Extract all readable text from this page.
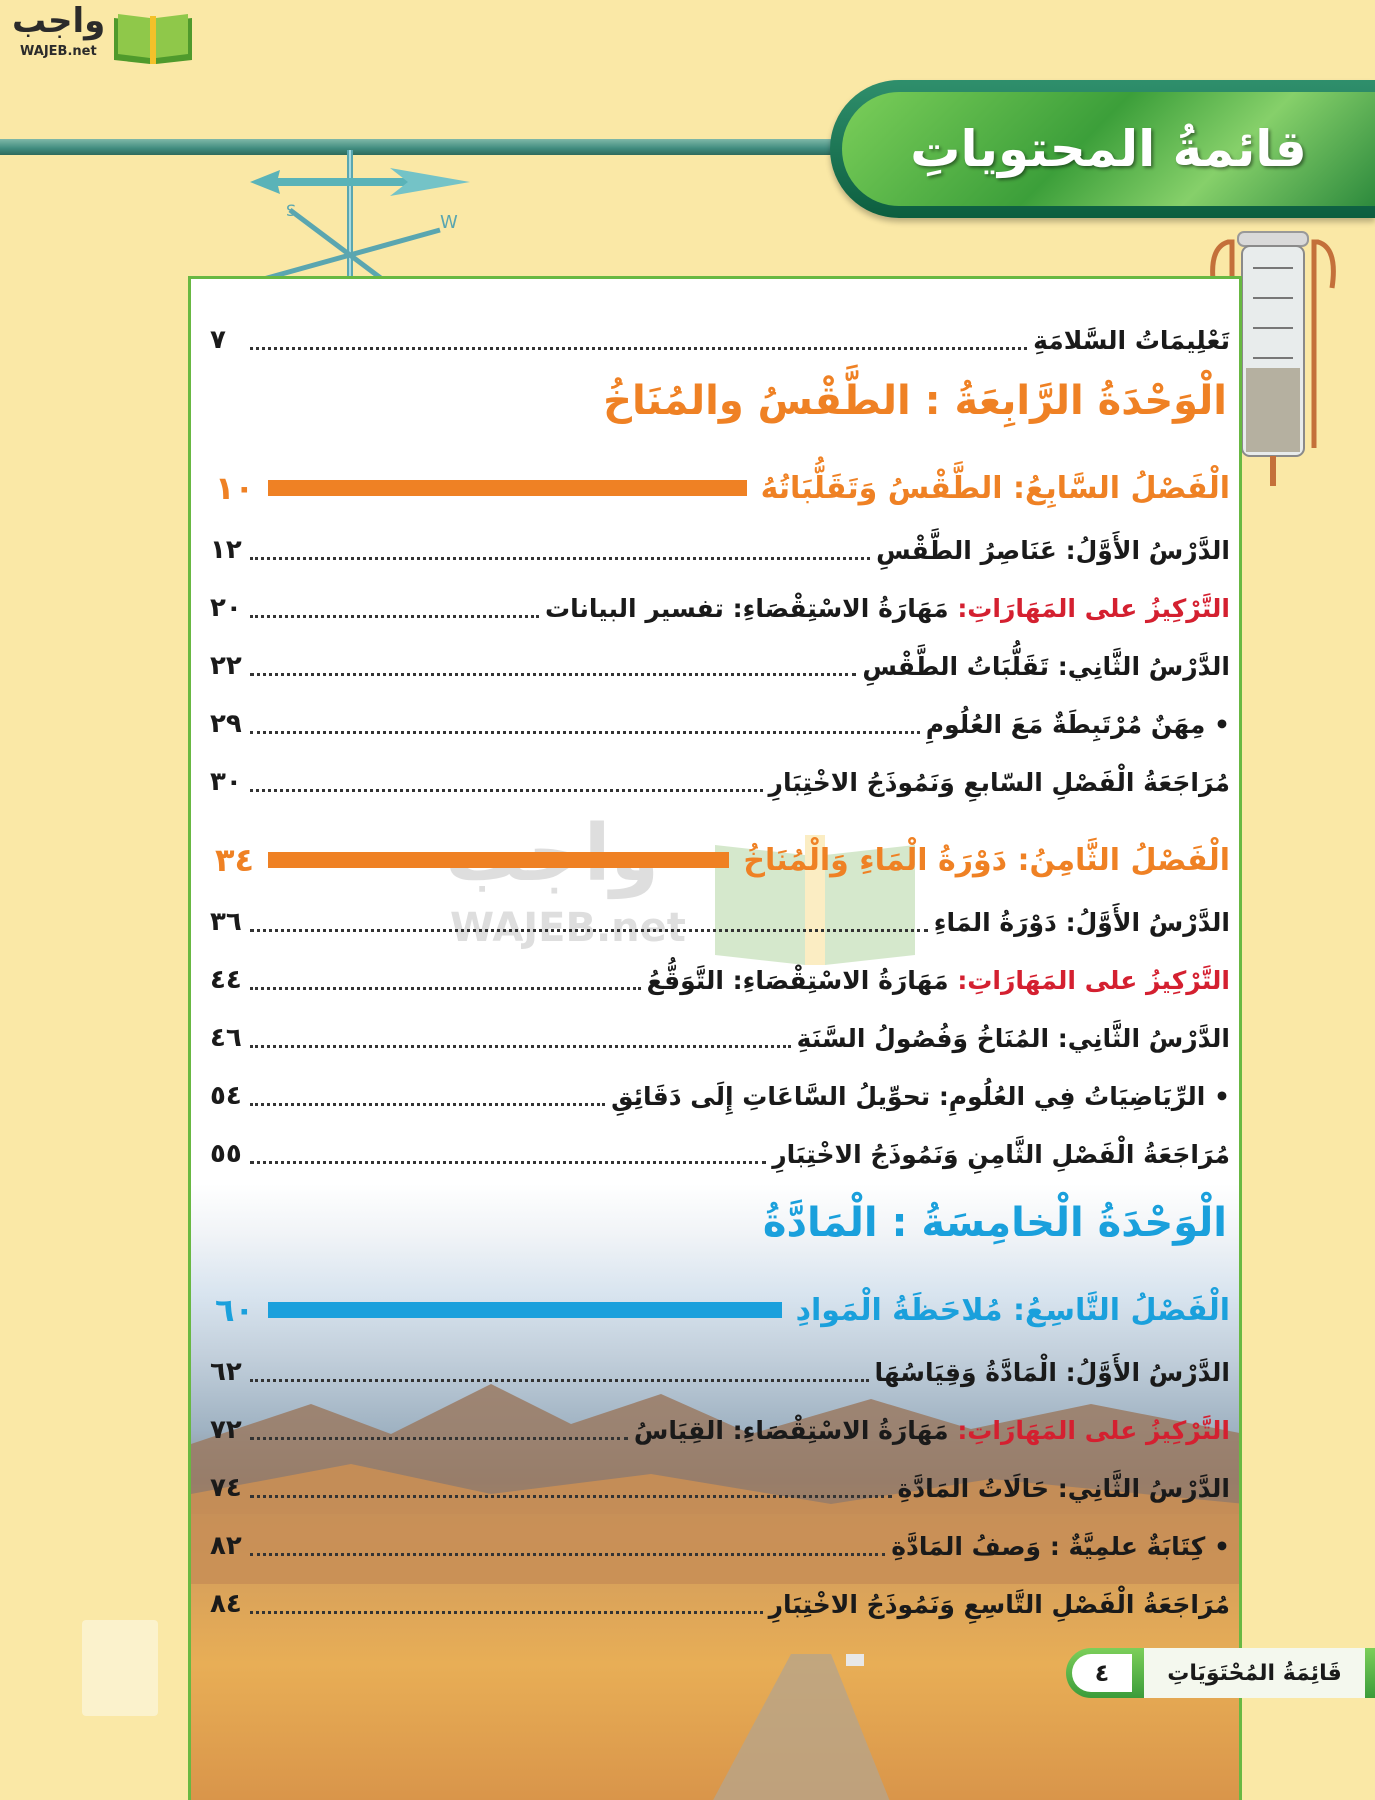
واجب
WAJEB.net
قائمةُ المحتوياتِ
W
S
WAJEB.net
تَعْلِيمَاتُ السَّلامَةِ
٧
الْوَحْدَةُ الرَّابِعَةُ : الطَّقْسُ والمُنَاخُ
الْفَصْلُ السَّابِعُ: الطَّقْسُ وَتَقَلُّبَاتُهُ
١٠
الدَّرْسُ الأَوَّلُ: عَنَاصِرُ الطَّقْسِ
١٢
التَّرْكِيزُ على المَهَارَاتِ: مَهَارَةُ الاسْتِقْصَاءِ: تفسير البيانات
٢٠
الدَّرْسُ الثَّانِي: تَقَلُّبَاتُ الطَّقْسِ
٢٢
• مِهَنٌ مُرْتَبِطَةٌ مَعَ العُلُومِ
٢٩
مُرَاجَعَةُ الْفَصْلِ السّابعِ وَنَمُوذَجُ الاخْتِبَارِ
٣٠
الْفَصْلُ الثَّامِنُ: دَوْرَةُ الْمَاءِ وَالْمُنَاخُ
٣٤
الدَّرْسُ الأَوَّلُ: دَوْرَةُ المَاءِ
٣٦
التَّرْكِيزُ على المَهَارَاتِ: مَهَارَةُ الاسْتِقْصَاءِ: التَّوَقُّعُ
٤٤
الدَّرْسُ الثَّانِي: المُنَاخُ وَفُصُولُ السَّنَةِ
٤٦
• الرِّيَاضِيَاتُ فِي العُلُومِ: تحوِّيلُ السَّاعَاتِ إِلَى دَقَائِقِ
٥٤
مُرَاجَعَةُ الْفَصْلِ الثَّامِنِ وَنَمُوذَجُ الاخْتِبَارِ
٥٥
الْوَحْدَةُ الْخامِسَةُ : الْمَادَّةُ
الْفَصْلُ التَّاسِعُ: مُلاحَظَةُ الْمَوادِ
٦٠
الدَّرْسُ الأَوَّلُ: الْمَادَّةُ وَقِيَاسُهَا
٦٢
التَّرْكِيزُ على المَهَارَاتِ: مَهَارَةُ الاسْتِقْصَاءِ: القِيَاسُ
٧٢
الدَّرْسُ الثَّانِي: حَالَاتُ المَادَّةِ
٧٤
• كِتَابَةٌ علمِيَّةٌ : وَصفُ المَادَّةِ
٨٢
مُرَاجَعَةُ الْفَصْلِ التَّاسِعِ وَنَمُوذَجُ الاخْتِبَارِ
٨٤
٤	قَائِمَةُ المُحْتَوَيَاتِ
